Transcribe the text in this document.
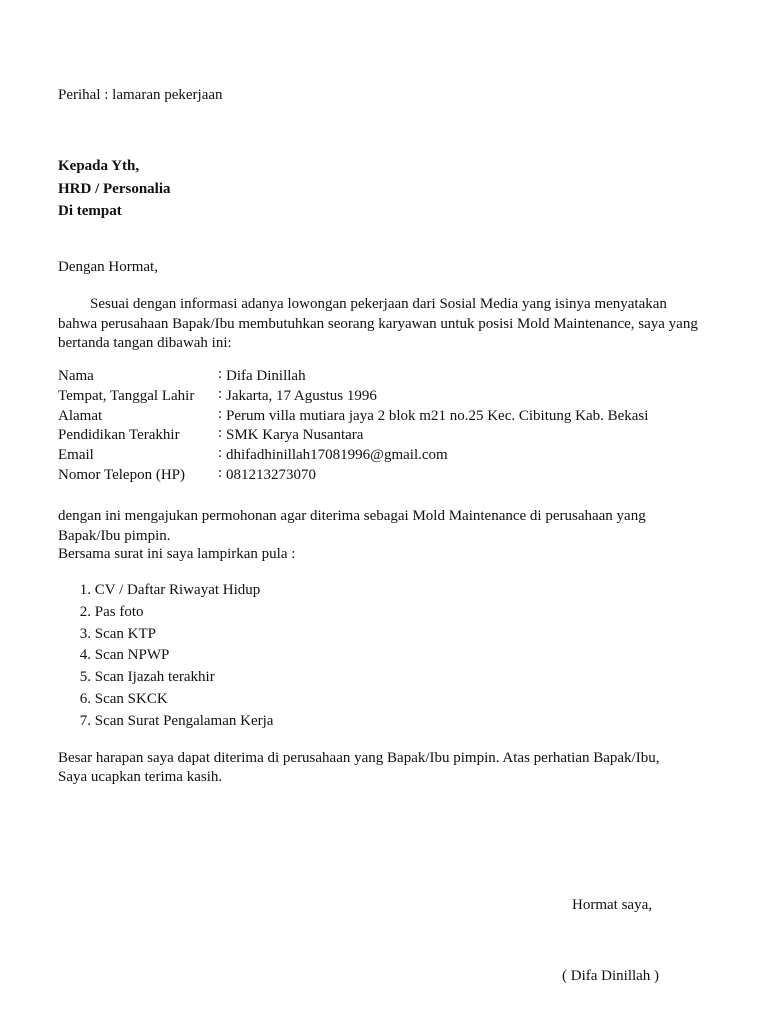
Perihal : lamaran pekerjaan
Kepada Yth,
HRD / Personalia
Di tempat
Dengan Hormat,
Sesuai dengan informasi adanya lowongan pekerjaan dari Sosial Media yang isinya menyatakan bahwa perusahaan Bapak/Ibu membutuhkan seorang karyawan untuk posisi Mold Maintenance, saya yang bertanda tangan dibawah ini:
Nama	:	Difa Dinillah
Tempat, Tanggal Lahir	:	Jakarta, 17 Agustus 1996
Alamat	:	Perum villa mutiara jaya 2 blok m21 no.25 Kec. Cibitung Kab. Bekasi
Pendidikan Terakhir	:	SMK Karya Nusantara
Email	:	dhifadhinillah17081996@gmail.com
Nomor Telepon (HP)	:	081213273070
dengan ini mengajukan permohonan agar diterima sebagai Mold Maintenance di perusahaan yang Bapak/Ibu pimpin.
Bersama surat ini saya lampirkan pula :
1. CV / Daftar Riwayat Hidup
2. Pas foto
3. Scan KTP
4. Scan NPWP
5. Scan Ijazah terakhir
6. Scan SKCK
7. Scan Surat Pengalaman Kerja
Besar harapan saya dapat diterima di perusahaan yang Bapak/Ibu pimpin. Atas perhatian Bapak/Ibu,
Saya ucapkan terima kasih.
Hormat saya,
( Difa Dinillah )
